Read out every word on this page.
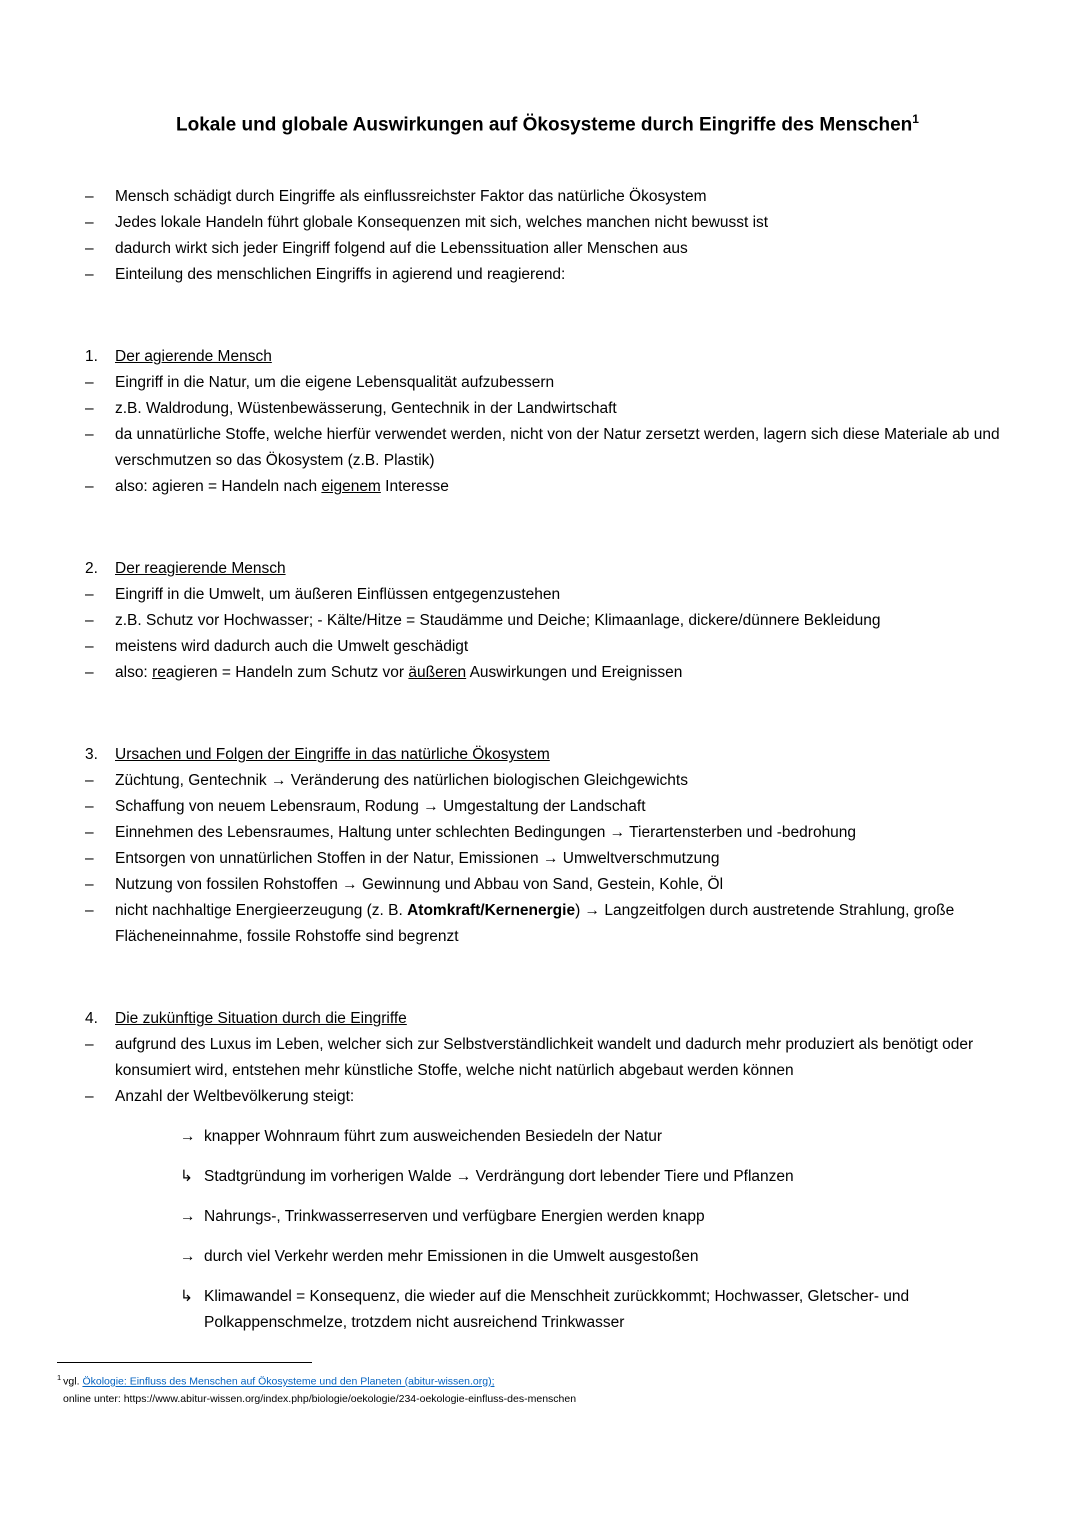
Lokale und globale Auswirkungen auf Ökosysteme durch Eingriffe des Menschen$^1$
–	Mensch schädigt durch Eingriffe als einflussreichster Faktor das natürliche Ökosystem
–	Jedes lokale Handeln führt globale Konsequenzen mit sich, welches manchen nicht bewusst ist
–	dadurch wirkt sich jeder Eingriff folgend auf die Lebenssituation aller Menschen aus
–	Einteilung des menschlichen Eingriffs in agierend und reagierend:
1.	Der agierende Mensch
–	Eingriff in die Natur, um die eigene Lebensqualität aufzubessern
–	z.B. Waldrodung, Wüstenbewässerung, Gentechnik in der Landwirtschaft
–	da unnatürliche Stoffe, welche hierfür verwendet werden, nicht von der Natur zersetzt werden, lagern sich diese Materiale ab und verschmutzen so das Ökosystem (z.B. Plastik)
–	also: agieren = Handeln nach eigenem Interesse
2.	Der reagierende Mensch
–	Eingriff in die Umwelt, um äußeren Einflüssen entgegenzustehen
–	z.B. Schutz vor Hochwasser; - Kälte/Hitze = Staudämme und Deiche; Klimaanlage, dickere/dünnere Bekleidung
–	meistens wird dadurch auch die Umwelt geschädigt
–	also: reagieren = Handeln zum Schutz vor äußeren Auswirkungen und Ereignissen
3.	Ursachen und Folgen der Eingriffe in das natürliche Ökosystem
–	Züchtung, Gentechnik → Veränderung des natürlichen biologischen Gleichgewichts
–	Schaffung von neuem Lebensraum, Rodung → Umgestaltung der Landschaft
–	Einnehmen des Lebensraumes, Haltung unter schlechten Bedingungen → Tierartensterben und -bedrohung
–	Entsorgen von unnatürlichen Stoffen in der Natur, Emissionen → Umweltverschmutzung
–	Nutzung von fossilen Rohstoffen → Gewinnung und Abbau von Sand, Gestein, Kohle, Öl
–	nicht nachhaltige Energieerzeugung (z. B. Atomkraft/Kernenergie) → Langzeitfolgen durch austretende Strahlung, große Flächeneinnahme, fossile Rohstoffe sind begrenzt
4.	Die zukünftige Situation durch die Eingriffe
–	aufgrund des Luxus im Leben, welcher sich zur Selbstverständlichkeit wandelt und dadurch mehr produziert als benötigt oder konsumiert wird, entstehen mehr künstliche Stoffe, welche nicht natürlich abgebaut werden können
–	Anzahl der Weltbevölkerung steigt:
→ knapper Wohnraum führt zum ausweichenden Besiedeln der Natur
↳ Stadtgründung im vorherigen Walde → Verdrängung dort lebender Tiere und Pflanzen
→ Nahrungs-, Trinkwasserreserven und verfügbare Energien werden knapp
→ durch viel Verkehr werden mehr Emissionen in die Umwelt ausgestoßen
↳ Klimawandel = Konsequenz, die wieder auf die Menschheit zurückkommt; Hochwasser, Gletscher- und Polkappenschmelze, trotzdem nicht ausreichend Trinkwasser
$^1$ vgl. Ökologie: Einfluss des Menschen auf Ökosysteme und den Planeten (abitur-wissen.org);
online unter: https://www.abitur-wissen.org/index.php/biologie/oekologie/234-oekologie-einfluss-des-menschen
